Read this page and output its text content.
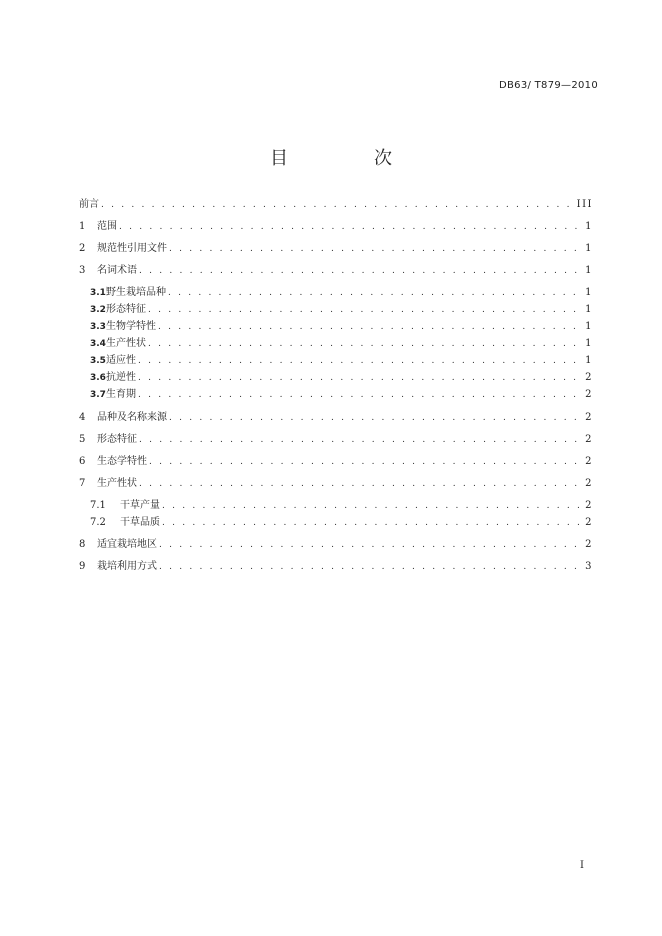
DB63/ T879—2010
目　次
前言 . . .	III
1	范围 . . .	1
2	规范性引用文件 . . .	1
3	名词术语 . . .	1
3.1 野生栽培品种 . . .	1
3.2 形态特征 . . .	1
3.3 生物学特性 . . .	1
3.4 生产性状 . . .	1
3.5 适应性 . . .	1
3.6 抗逆性 . . .	2
3.7 生育期 . . .	2
4	品种及名称来源 . . .	2
5	形态特征 . . .	2
6	生态学特性 . . .	2
7	生产性状 . . .	2
7.1	干草产量 . . .	2
7.2	干草品质 . . .	2
8	适宜栽培地区 . . .	2
9	栽培利用方式 . . .	3
I
